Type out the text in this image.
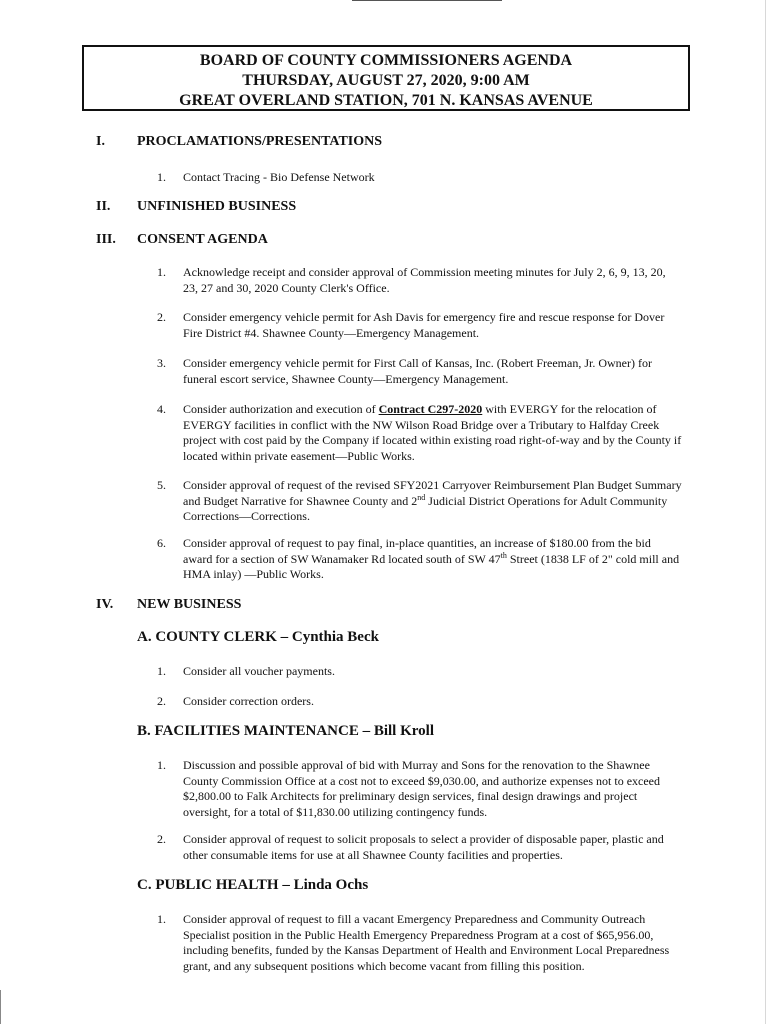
BOARD OF COUNTY COMMISSIONERS AGENDA
THURSDAY, AUGUST 27, 2020, 9:00 AM
GREAT OVERLAND STATION, 701 N. KANSAS AVENUE
I.	PROCLAMATIONS/PRESENTATIONS
1.	Contact Tracing - Bio Defense Network
II.	UNFINISHED BUSINESS
III.	CONSENT AGENDA
1.	Acknowledge receipt and consider approval of Commission meeting minutes for July 2, 6, 9, 13, 20, 23, 27 and 30, 2020 County Clerk's Office.
2.	Consider emergency vehicle permit for Ash Davis for emergency fire and rescue response for Dover Fire District #4. Shawnee County—Emergency Management.
3.	Consider emergency vehicle permit for First Call of Kansas, Inc. (Robert Freeman, Jr. Owner) for funeral escort service, Shawnee County—Emergency Management.
4.	Consider authorization and execution of Contract C297-2020 with EVERGY for the relocation of EVERGY facilities in conflict with the NW Wilson Road Bridge over a Tributary to Halfday Creek project with cost paid by the Company if located within existing road right-of-way and by the County if located within private easement—Public Works.
5.	Consider approval of request of the revised SFY2021 Carryover Reimbursement Plan Budget Summary and Budget Narrative for Shawnee County and 2nd Judicial District Operations for Adult Community Corrections—Corrections.
6.	Consider approval of request to pay final, in-place quantities, an increase of $180.00 from the bid award for a section of SW Wanamaker Rd located south of SW 47th Street (1838 LF of 2" cold mill and HMA inlay) —Public Works.
IV.	NEW BUSINESS
A. COUNTY CLERK – Cynthia Beck
1.	Consider all voucher payments.
2.	Consider correction orders.
B. FACILITIES MAINTENANCE – Bill Kroll
1.	Discussion and possible approval of bid with Murray and Sons for the renovation to the Shawnee County Commission Office at a cost not to exceed $9,030.00, and authorize expenses not to exceed $2,800.00 to Falk Architects for preliminary design services, final design drawings and project oversight, for a total of $11,830.00 utilizing contingency funds.
2.	Consider approval of request to solicit proposals to select a provider of disposable paper, plastic and other consumable items for use at all Shawnee County facilities and properties.
C. PUBLIC HEALTH – Linda Ochs
1.	Consider approval of request to fill a vacant Emergency Preparedness and Community Outreach Specialist position in the Public Health Emergency Preparedness Program at a cost of $65,956.00, including benefits, funded by the Kansas Department of Health and Environment Local Preparedness grant, and any subsequent positions which become vacant from filling this position.
